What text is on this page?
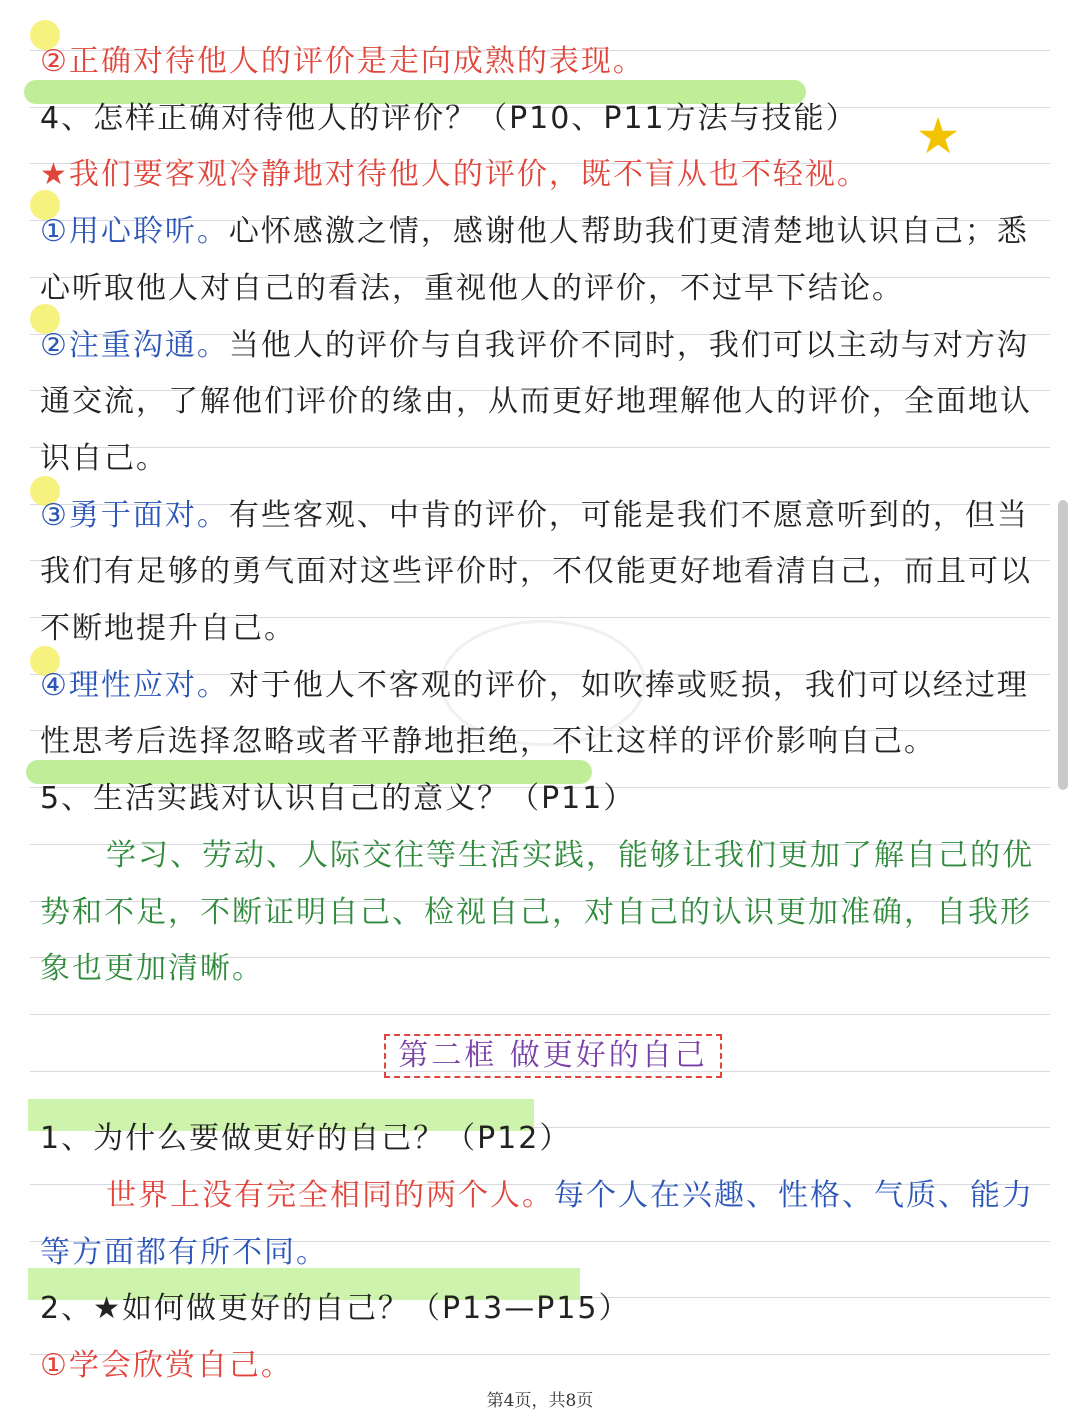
★
②正确对待他人的评价是走向成熟的表现。
4、怎样正确对待他人的评价？（P10、P11方法与技能）
★我们要客观冷静地对待他人的评价，既不盲从也不轻视。
①用心聆听。心怀感激之情，感谢他人帮助我们更清楚地认识自己；悉
心听取他人对自己的看法，重视他人的评价，不过早下结论。
②注重沟通。当他人的评价与自我评价不同时，我们可以主动与对方沟
通交流，了解他们评价的缘由，从而更好地理解他人的评价，全面地认
识自己。
③勇于面对。有些客观、中肯的评价，可能是我们不愿意听到的，但当
我们有足够的勇气面对这些评价时，不仅能更好地看清自己，而且可以
不断地提升自己。
④理性应对。对于他人不客观的评价，如吹捧或贬损，我们可以经过理
性思考后选择忽略或者平静地拒绝，不让这样的评价影响自己。
5、生活实践对认识自己的意义？（P11）
学习、劳动、人际交往等生活实践，能够让我们更加了解自己的优
势和不足，不断证明自己、检视自己，对自己的认识更加准确，自我形
象也更加清晰。
1、为什么要做更好的自己？（P12）
世界上没有完全相同的两个人。每个人在兴趣、性格、气质、能力
等方面都有所不同。
2、★如何做更好的自己？（P13—P15）
①学会欣赏自己。
第二框 做更好的自己
第4页，共8页
